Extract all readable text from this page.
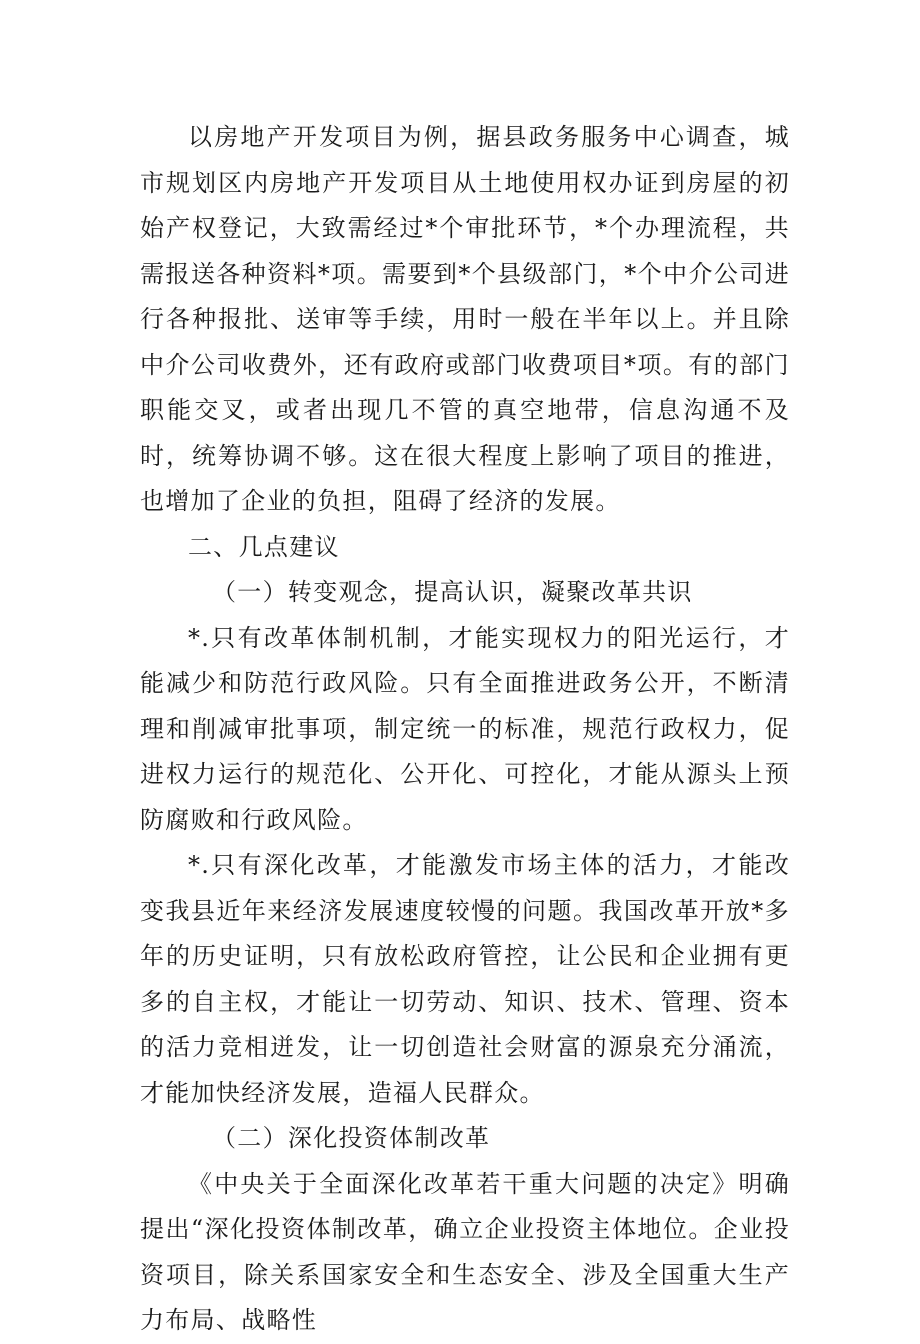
以房地产开发项目为例，据县政务服务中心调查，城市规划区内房地产开发项目从土地使用权办证到房屋的初始产权登记，大致需经过*个审批环节，*个办理流程，共需报送各种资料*项。需要到*个县级部门，*个中介公司进行各种报批、送审等手续，用时一般在半年以上。并且除中介公司收费外，还有政府或部门收费项目*项。有的部门职能交叉，或者出现几不管的真空地带，信息沟通不及时，统筹协调不够。这在很大程度上影响了项目的推进，也增加了企业的负担，阻碍了经济的发展。

二、几点建议

（一）转变观念，提高认识，凝聚改革共识

*.只有改革体制机制，才能实现权力的阳光运行，才能减少和防范行政风险。只有全面推进政务公开，不断清理和削减审批事项，制定统一的标准，规范行政权力，促进权力运行的规范化、公开化、可控化，才能从源头上预防腐败和行政风险。

*.只有深化改革，才能激发市场主体的活力，才能改变我县近年来经济发展速度较慢的问题。我国改革开放*多年的历史证明，只有放松政府管控，让公民和企业拥有更多的自主权，才能让一切劳动、知识、技术、管理、资本的活力竞相迸发，让一切创造社会财富的源泉充分涌流，才能加快经济发展，造福人民群众。

（二）深化投资体制改革

《中央关于全面深化改革若干重大问题的决定》明确提出“深化投资体制改革，确立企业投资主体地位。企业投资项目，除关系国家安全和生态安全、涉及全国重大生产力布局、战略性
